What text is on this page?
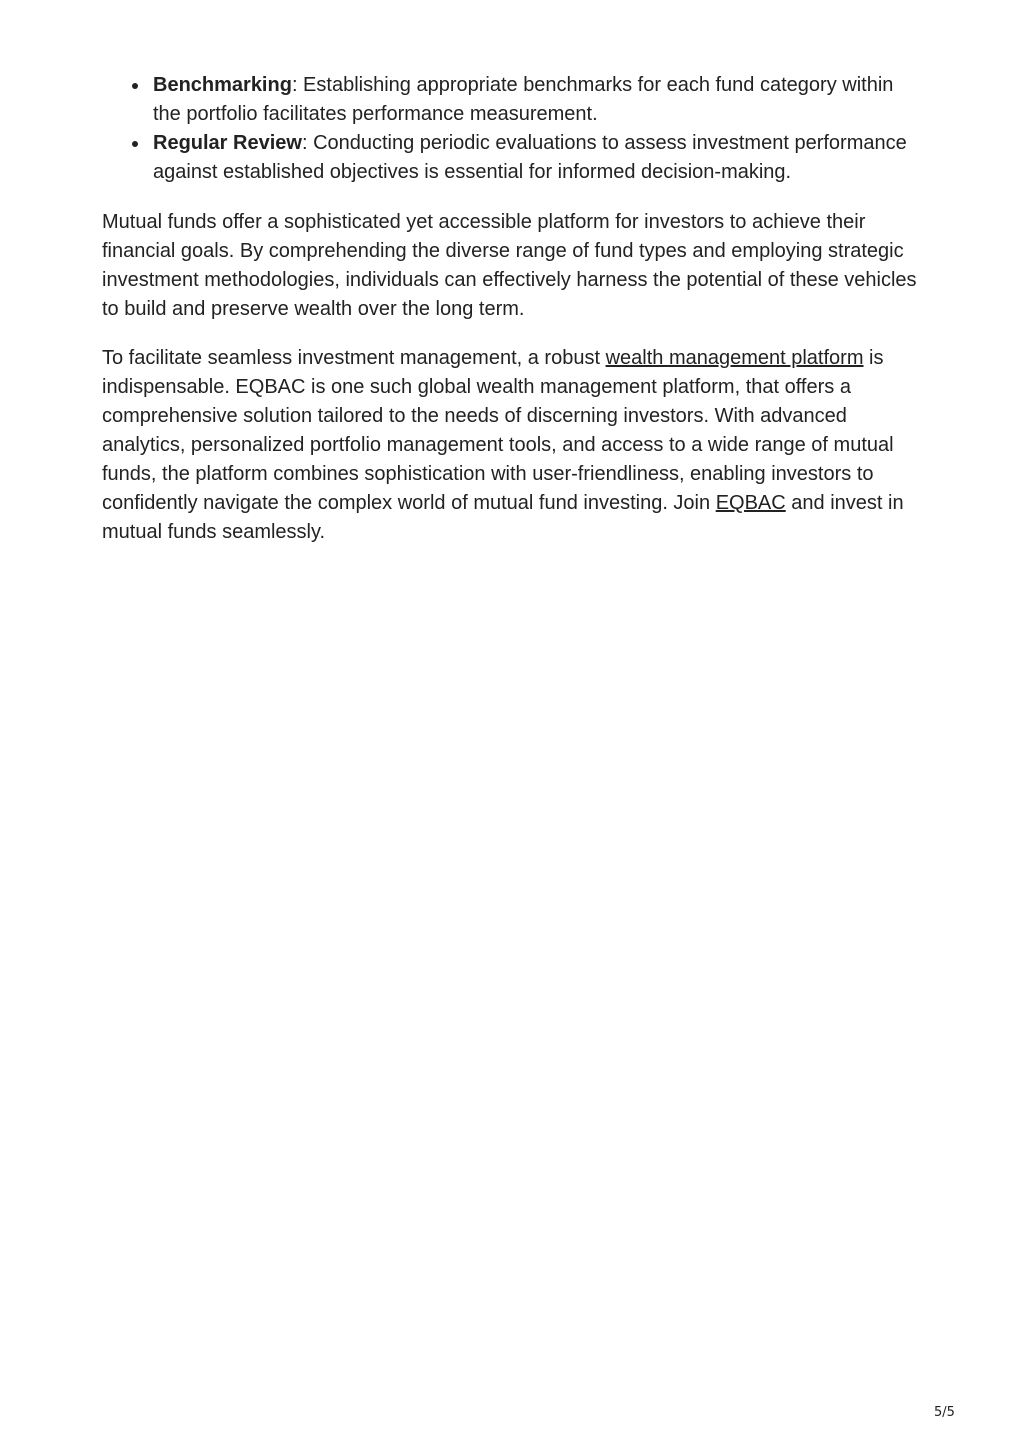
Benchmarking: Establishing appropriate benchmarks for each fund category within the portfolio facilitates performance measurement.
Regular Review: Conducting periodic evaluations to assess investment performance against established objectives is essential for informed decision-making.

Mutual funds offer a sophisticated yet accessible platform for investors to achieve their financial goals. By comprehending the diverse range of fund types and employing strategic investment methodologies, individuals can effectively harness the potential of these vehicles to build and preserve wealth over the long term.

To facilitate seamless investment management, a robust wealth management platform is indispensable. EQBAC is one such global wealth management platform, that offers a comprehensive solution tailored to the needs of discerning investors. With advanced analytics, personalized portfolio management tools, and access to a wide range of mutual funds, the platform combines sophistication with user-friendliness, enabling investors to confidently navigate the complex world of mutual fund investing. Join EQBAC and invest in mutual funds seamlessly.

5/5
